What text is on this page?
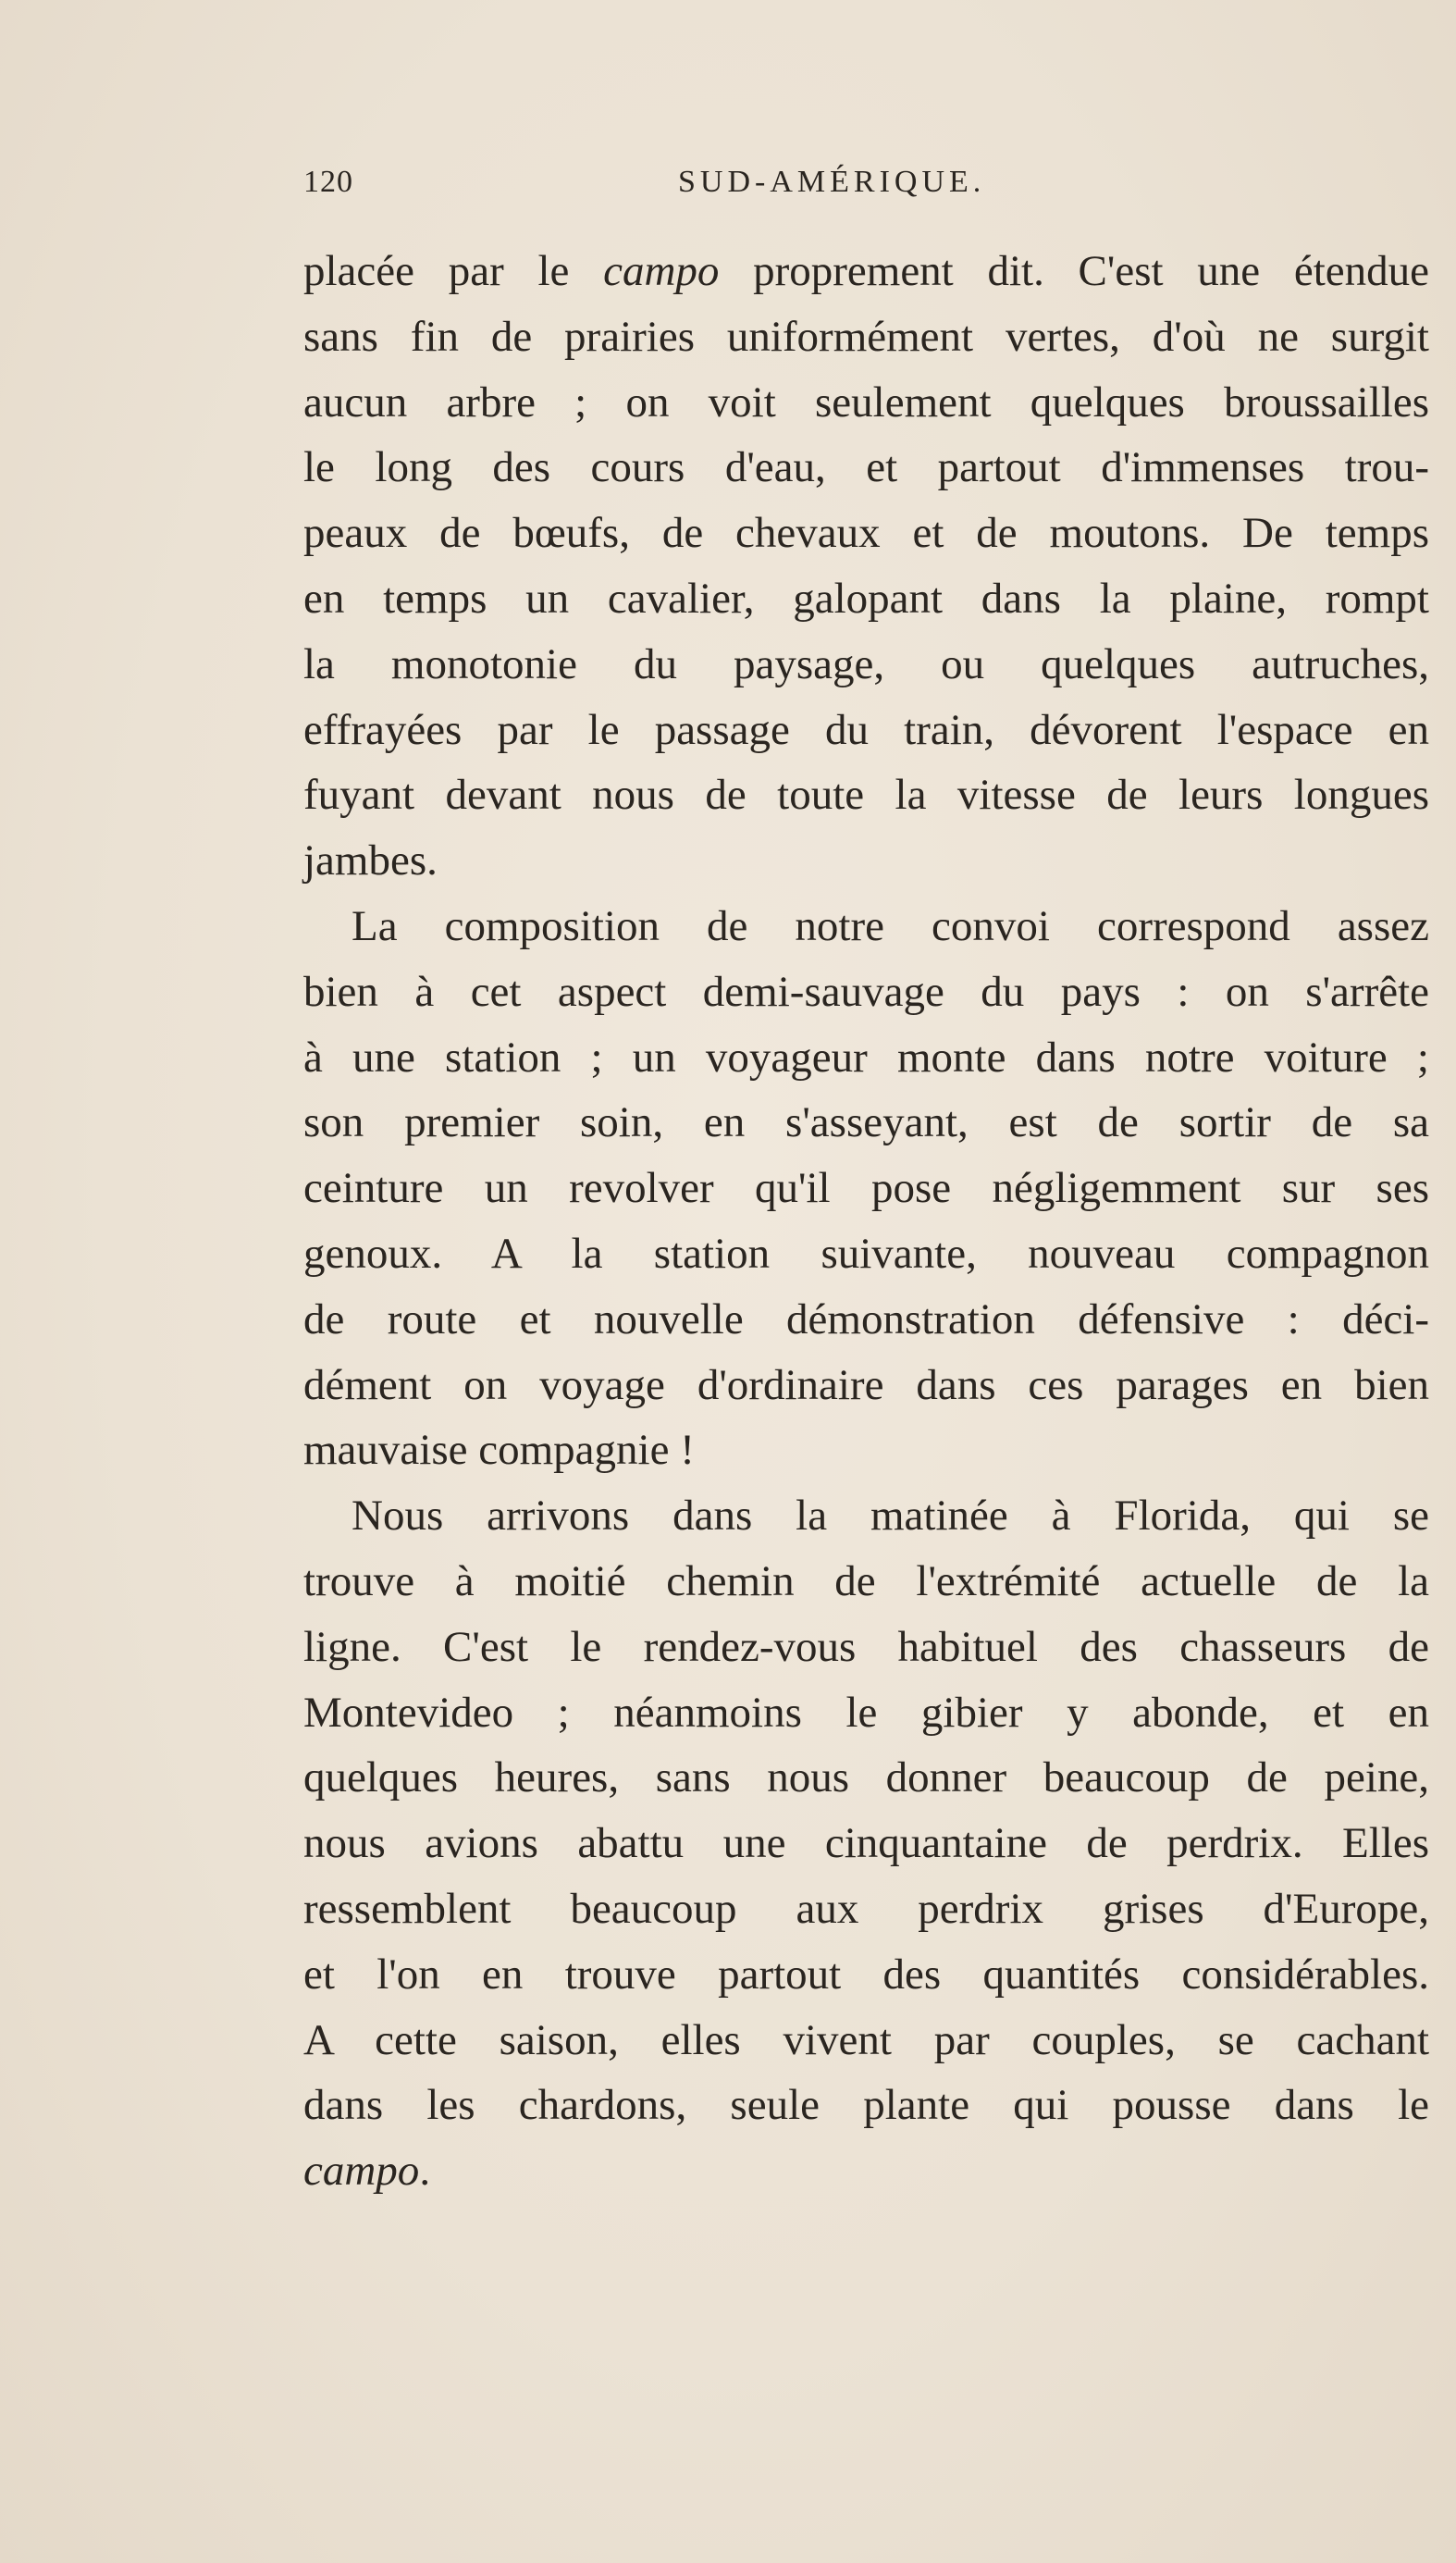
120	SUD-AMÉRIQUE.
placée par le campo proprement dit. C'est une étendue
sans fin de prairies uniformément vertes, d'où ne surgit
aucun arbre ; on voit seulement quelques broussailles
le long des cours d'eau, et partout d'immenses trou-
peaux de bœufs, de chevaux et de moutons. De temps
en temps un cavalier, galopant dans la plaine, rompt
la monotonie du paysage, ou quelques autruches,
effrayées par le passage du train, dévorent l'espace en
fuyant devant nous de toute la vitesse de leurs longues
jambes.
La composition de notre convoi correspond assez
bien à cet aspect demi-sauvage du pays : on s'arrête
à une station ; un voyageur monte dans notre voiture ;
son premier soin, en s'asseyant, est de sortir de sa
ceinture un revolver qu'il pose négligemment sur ses
genoux. A la station suivante, nouveau compagnon
de route et nouvelle démonstration défensive : déci-
dément on voyage d'ordinaire dans ces parages en bien
mauvaise compagnie !
Nous arrivons dans la matinée à Florida, qui se
trouve à moitié chemin de l'extrémité actuelle de la
ligne. C'est le rendez-vous habituel des chasseurs de
Montevideo ; néanmoins le gibier y abonde, et en
quelques heures, sans nous donner beaucoup de peine,
nous avions abattu une cinquantaine de perdrix. Elles
ressemblent beaucoup aux perdrix grises d'Europe,
et l'on en trouve partout des quantités considérables.
A cette saison, elles vivent par couples, se cachant
dans les chardons, seule plante qui pousse dans le
campo.
